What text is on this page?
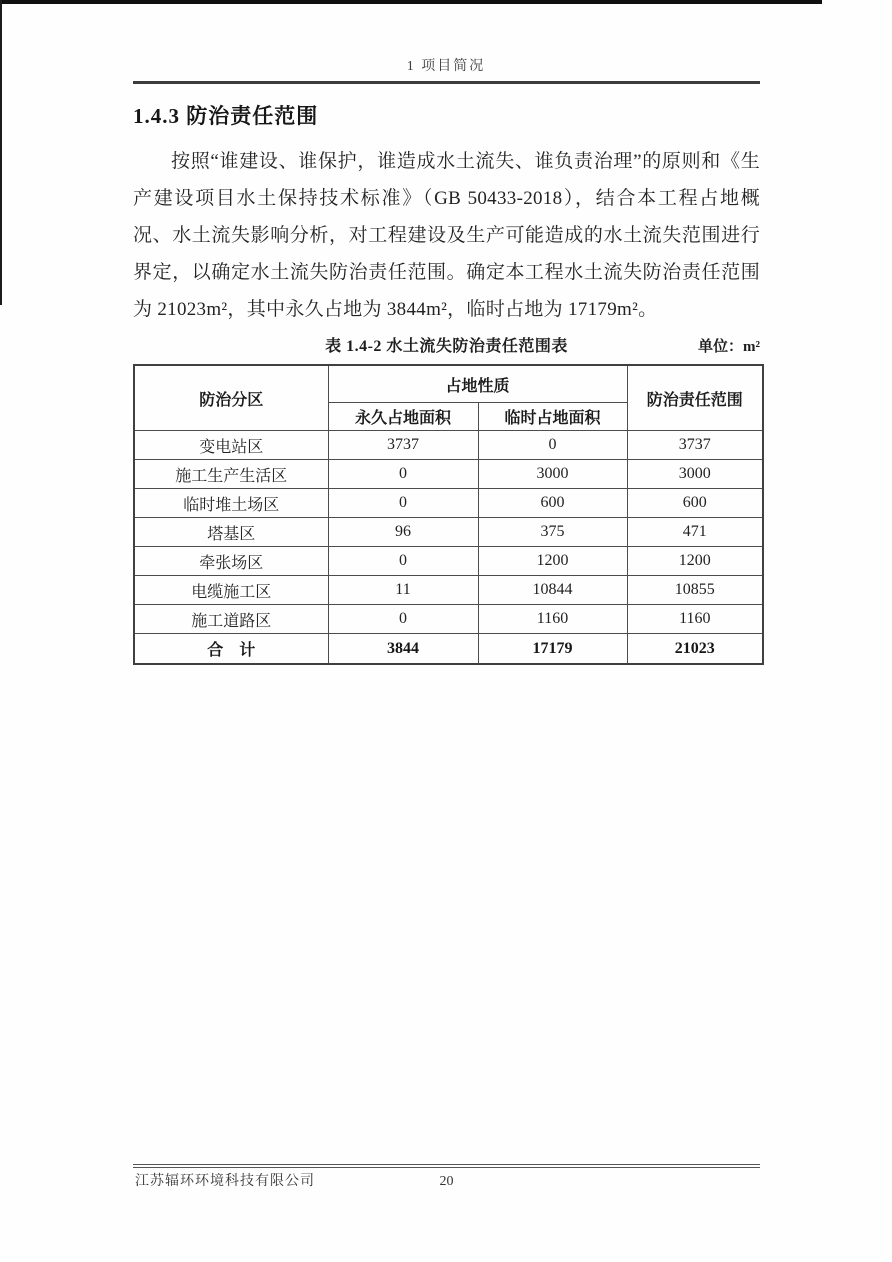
1 项目简况
1.4.3 防治责任范围
按照“谁建设、谁保护，谁造成水土流失、谁负责治理”的原则和《生产建设项目水土保持技术标准》（GB 50433-2018），结合本工程占地概况、水土流失影响分析，对工程建设及生产可能造成的水土流失范围进行界定，以确定水土流失防治责任范围。确定本工程水土流失防治责任范围为 21023m²，其中永久占地为 3844m²，临时占地为 17179m²。
表 1.4-2 水土流失防治责任范围表	单位：m²
防治分区	占地性质		防治责任范围
	永久占地面积	临时占地面积	
变电站区	3737	0	3737
施工生产生活区	0	3000	3000
临时堆土场区	0	600	600
塔基区	96	375	471
牵张场区	0	1200	1200
电缆施工区	11	10844	10855
施工道路区	0	1160	1160
合　计	3844	17179	21023
江苏辐环环境科技有限公司	20
